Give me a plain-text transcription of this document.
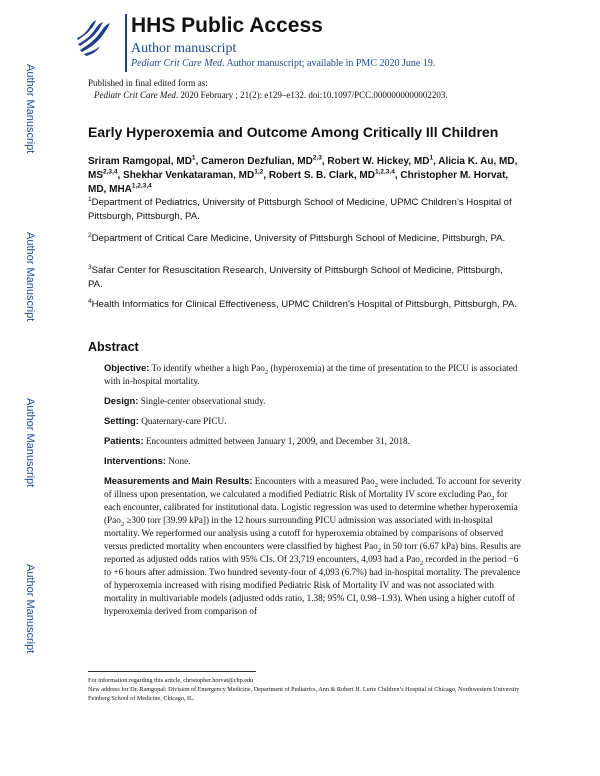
HHS Public Access
Author manuscript
Pediatr Crit Care Med. Author manuscript; available in PMC 2020 June 19.
Published in final edited form as:
Pediatr Crit Care Med. 2020 February ; 21(2): e129–e132. doi:10.1097/PCC.0000000000002203.
Author Manuscript
Author Manuscript
Author Manuscript
Author Manuscript
Early Hyperoxemia and Outcome Among Critically Ill Children
Sriram Ramgopal, $MD^1$, Cameron Dezfulian, MD$^{2,3}$, Robert W. Hickey, $MD^1$, Alicia K. Au, MD, MS$^{2,3,4}$, Shekhar Venkataraman, MD$^{1,2}$, Robert S. B. Clark, MD$^{1,2,3,4}$, Christopher M. Horvat, MD, MHA$^{1,2,3,4}$
$^1$Department of Pediatrics, University of Pittsburgh School of Medicine, UPMC Children’s Hospital of Pittsburgh, Pittsburgh, PA.
$^2$Department of Critical Care Medicine, University of Pittsburgh School of Medicine, Pittsburgh, PA.
$^3$Safar Center for Resuscitation Research, University of Pittsburgh School of Medicine, Pittsburgh, PA.
$^4$Health Informatics for Clinical Effectiveness, UPMC Children’s Hospital of Pittsburgh, Pittsburgh, PA.
Abstract
Objective: To identify whether a high Pao$_2$ (hyperoxemia) at the time of presentation to the PICU is associated with in-hospital mortality.
Design: Single-center observational study.
Setting: Quaternary-care PICU.
Patients: Encounters admitted between January 1, 2009, and December 31, 2018.
Interventions: None.
Measurements and Main Results: Encounters with a measured Pao$_2$ were included. To account for severity of illness upon presentation, we calculated a modified Pediatric Risk of Mortality IV score excluding Pao$_2$ for each encounter, calibrated for institutional data. Logistic regression was used to determine whether hyperoxemia (Pao$_2$ ≥300 torr [39.99 kPa]) in the 12 hours surrounding PICU admission was associated with in-hospital mortality. We reperformed our analysis using a cutoff for hyperoxemia obtained by comparisons of observed versus predicted mortality when encounters were classified by highest Pao$_2$ in 50 torr (6.67 kPa) bins. Results are reported as adjusted odds ratios with 95% CIs. Of 23,719 encounters, 4,093 had a Pao$_2$ recorded in the period −6 to +6 hours after admission. Two hundred seventy-four of 4,093 (6.7%) had in-hospital mortality. The prevalence of hyperoxemia increased with rising modified Pediatric Risk of Mortality IV and was not associated with mortality in multivariable models (adjusted odds ratio, 1.38; 95% CI, 0.98–1.93). When using a higher cutoff of hyperoxemia derived from comparison of
For information regarding this article, christopher.horvat@chp.edu
New address for Dr. Ramgopal: Division of Emergency Medicine, Department of Pediatrics, Ann & Robert H. Lurie Children’s Hospital of Chicago, Northwestern University Feinberg School of Medicine, Chicago, IL.
